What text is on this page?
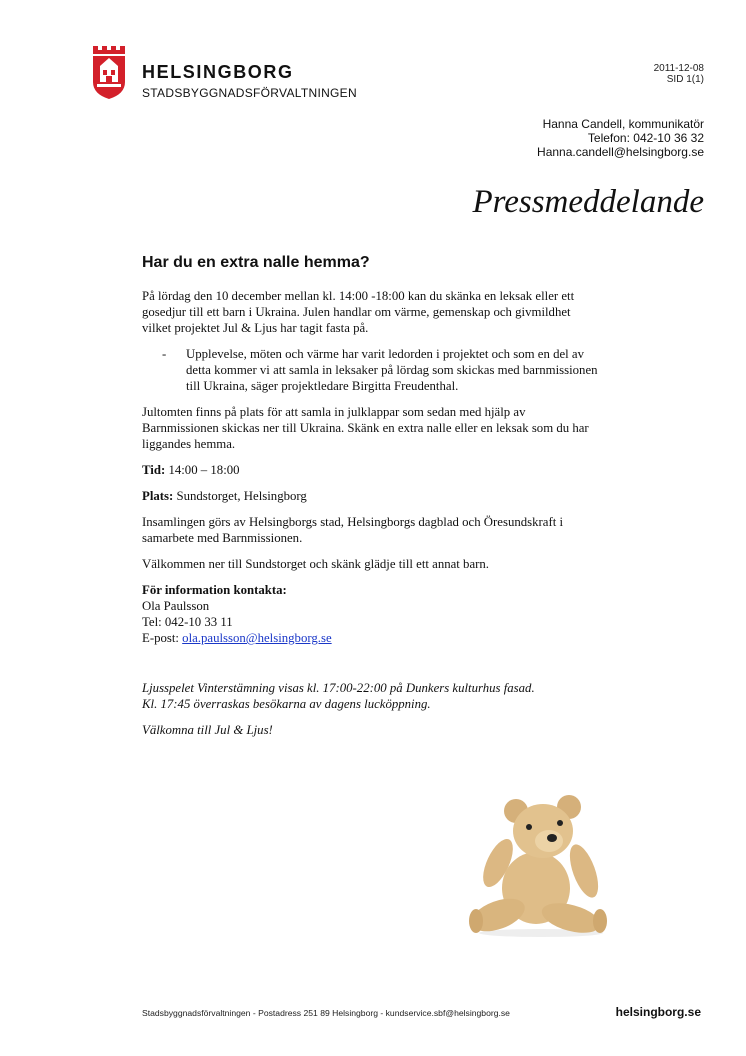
HELSINGBORG
STADSBYGGNADSFÖRVALTNINGEN
2011-12-08
SID 1(1)
Hanna Candell, kommunikatör
Telefon: 042-10 36 32
Hanna.candell@helsingborg.se
Pressmeddelande
Har du en extra nalle hemma?

På lördag den 10 december mellan kl. 14:00 -18:00 kan du skänka en leksak eller ett gosedjur till ett barn i Ukraina. Julen handlar om värme, gemenskap och givmildhet vilket projektet Jul & Ljus har tagit fasta på.

- Upplevelse, möten och värme har varit ledorden i projektet och som en del av detta kommer vi att samla in leksaker på lördag som skickas med barnmissionen till Ukraina, säger projektledare Birgitta Freudenthal.

Jultomten finns på plats för att samla in julklappar som sedan med hjälp av Barnmissionen skickas ner till Ukraina. Skänk en extra nalle eller en leksak som du har liggandes hemma.

Tid: 14:00 – 18:00

Plats: Sundstorget, Helsingborg

Insamlingen görs av Helsingborgs stad, Helsingborgs dagblad och Öresundskraft i samarbete med Barnmissionen.

Välkommen ner till Sundstorget och skänk glädje till ett annat barn.

För information kontakta:
Ola Paulsson
Tel: 042-10 33 11
E-post: ola.paulsson@helsingborg.se

Ljusspelet Vinterstämning visas kl. 17:00-22:00 på Dunkers kulturhus fasad.
Kl. 17:45 överraskas besökarna av dagens lucköppning.

Välkomna till Jul & Ljus!

Stadsbyggnadsförvaltningen - Postadress 251 89 Helsingborg - kundservice.sbf@helsingborg.se	helsingborg.se
